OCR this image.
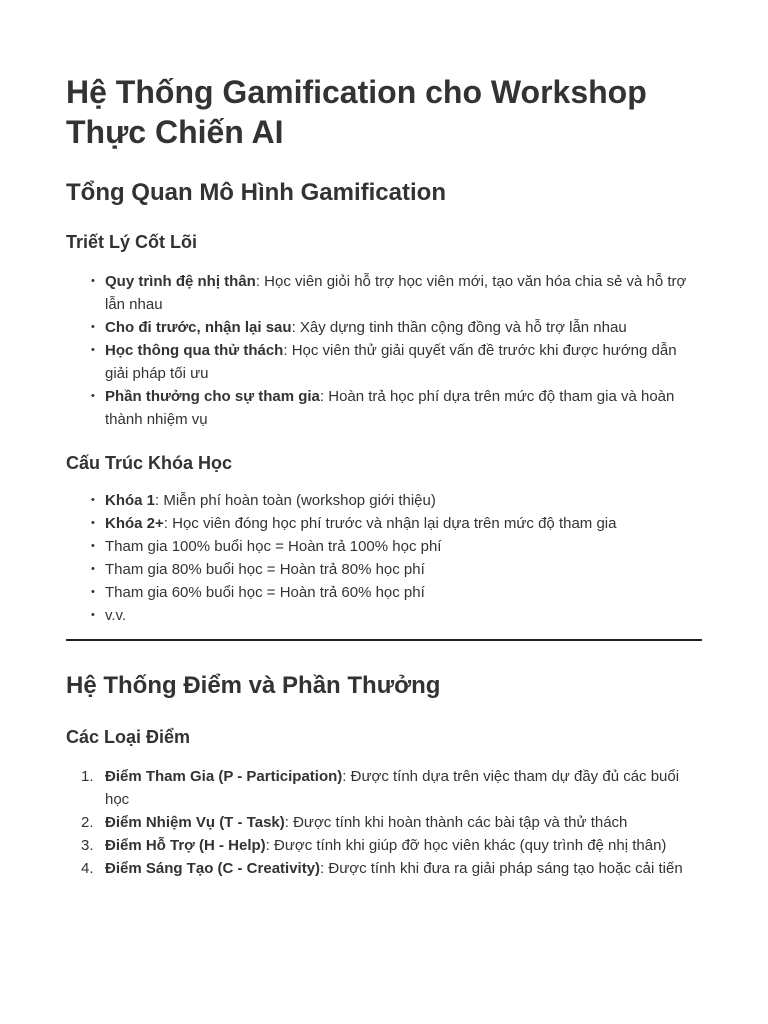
Hệ Thống Gamification cho Workshop Thực Chiến AI
Tổng Quan Mô Hình Gamification
Triết Lý Cốt Lõi
• Quy trình đệ nhị thân: Học viên giỏi hỗ trợ học viên mới, tạo văn hóa chia sẻ và hỗ trợ lẫn nhau
• Cho đi trước, nhận lại sau: Xây dựng tinh thần cộng đồng và hỗ trợ lẫn nhau
• Học thông qua thử thách: Học viên thử giải quyết vấn đề trước khi được hướng dẫn giải pháp tối ưu
• Phần thưởng cho sự tham gia: Hoàn trả học phí dựa trên mức độ tham gia và hoàn thành nhiệm vụ
Cấu Trúc Khóa Học
• Khóa 1: Miễn phí hoàn toàn (workshop giới thiệu)
• Khóa 2+: Học viên đóng học phí trước và nhận lại dựa trên mức độ tham gia
• Tham gia 100% buổi học = Hoàn trả 100% học phí
• Tham gia 80% buổi học = Hoàn trả 80% học phí
• Tham gia 60% buổi học = Hoàn trả 60% học phí
• v.v.
Hệ Thống Điểm và Phần Thưởng
Các Loại Điểm
1. Điểm Tham Gia (P - Participation): Được tính dựa trên việc tham dự đầy đủ các buổi học
2. Điểm Nhiệm Vụ (T - Task): Được tính khi hoàn thành các bài tập và thử thách
3. Điểm Hỗ Trợ (H - Help): Được tính khi giúp đỡ học viên khác (quy trình đệ nhị thân)
4. Điểm Sáng Tạo (C - Creativity): Được tính khi đưa ra giải pháp sáng tạo hoặc cải tiến
